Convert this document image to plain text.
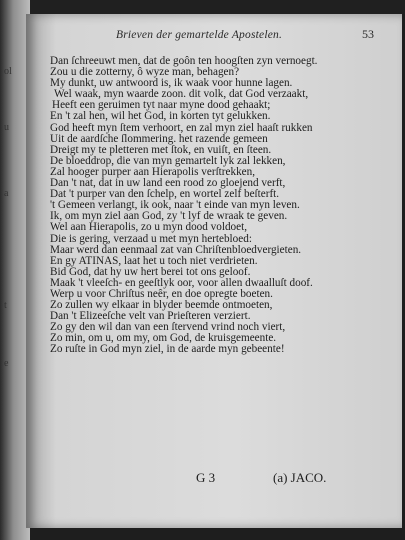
ol
u
a
t
e
Brieven der gemartelde Apostelen.	53
Dan ſchreeuwt men, dat de goôn ten hoogſten zyn vernoegt.
Zou u die zotterny, ô wyze man, behagen?
My dunkt, uw antwoord is, ik waak voor hunne lagen.
Wel waak, myn waarde zoon. dit volk, dat God verzaakt,
Heeft een geruimen tyt naar myne dood gehaakt;
En 't zal hen, wil het God, in korten tyt gelukken.
God heeft myn ſtem verhoort, en zal myn ziel haaſt rukken
Uit de aardſche ſlommering. het razende gemeen
Dreigt my te pletteren met ſtok, en vuiſt, en ſteen.
De bloeddrop, die van myn gemartelt lyk zal lekken,
Zal hooger purper aan Hierapolis verſtrekken,
Dan 't nat, dat in uw land een rood zo gloejend verft,
Dat 't purper van den ſchelp, en wortel zelf beſterft.
't Gemeen verlangt, ik ook, naar 't einde van myn leven.
Ik, om myn ziel aan God, zy 't lyf de wraak te geven.
Wel aan Hierapolis, zo u myn dood voldoet,
Die is gering, verzaad u met myn hertebloed:
Maar werd dan eenmaal zat van Chriſtenbloedvergieten.
En gy ATINAS, laat het u toch niet verdrieten.
Bid God, dat hy uw hert berei tot ons geloof.
Maak 't vleeſch- en geeſtlyk oor, voor allen dwaalluſt doof.
Werp u voor Chriſtus neêr, en doe opregte boeten.
Zo zullen wy elkaar in blyder beemde ontmoeten,
Dan 't Elizeeſche velt van Prieſteren verziert.
Zo gy den wil dan van een ſtervend vrind noch viert,
Zo min, om u, om my, om God, de kruisgemeente.
Zo ruſte in God myn ziel, in de aarde myn gebeente!
G 3	(a) JACO.
